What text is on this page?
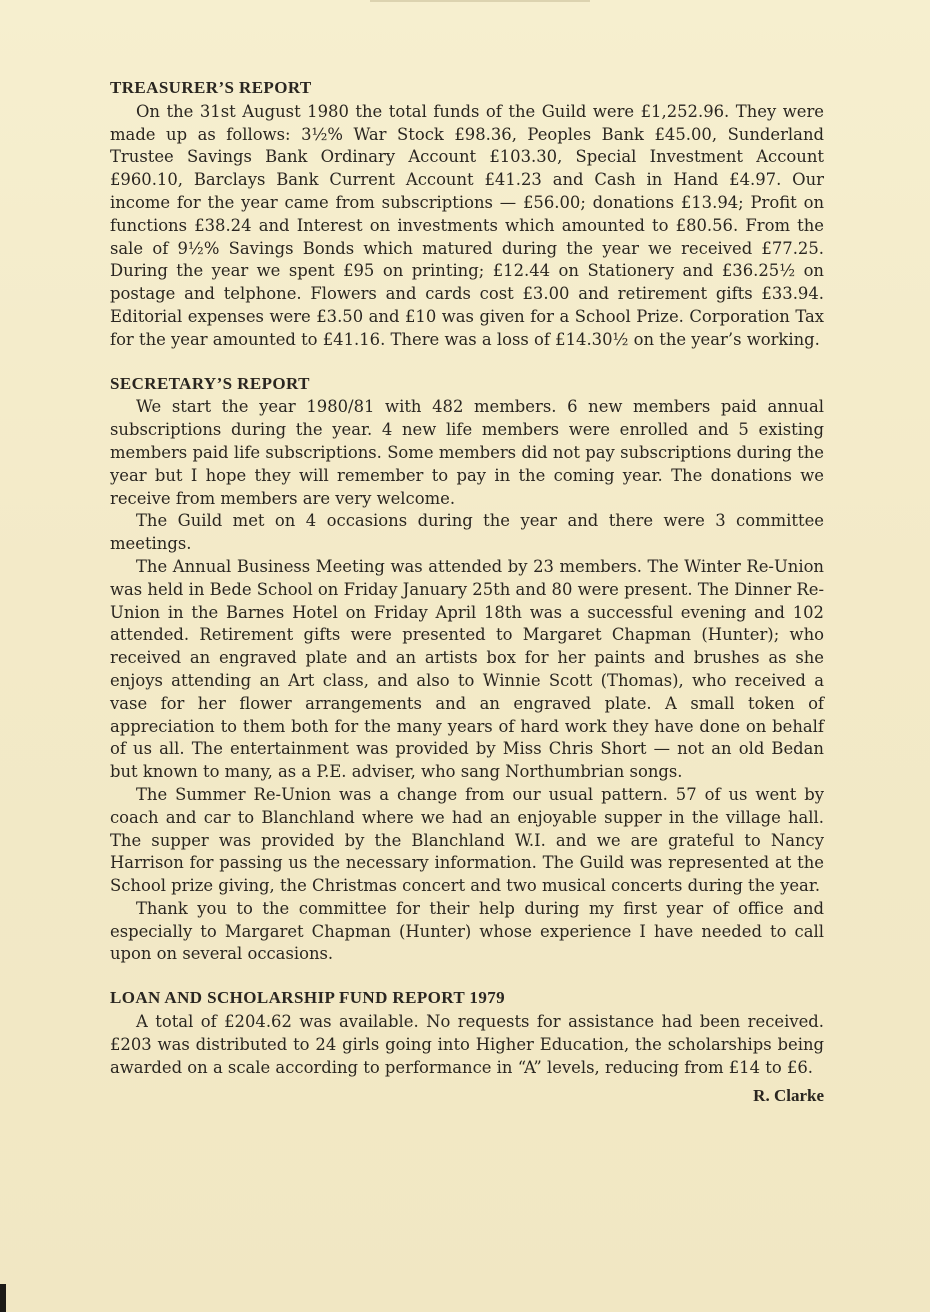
TREASURER’S REPORT

On the 31st August 1980 the total funds of the Guild were £1,252.96. They were made up as follows: 3½% War Stock £98.36, Peoples Bank £45.00, Sunderland Trustee Savings Bank Ordinary Account £103.30, Special Investment Account £960.10, Barclays Bank Current Account £41.23 and Cash in Hand £4.97. Our income for the year came from subscriptions — £56.00; donations £13.94; Profit on functions £38.24 and Interest on investments which amounted to £80.56. From the sale of 9½% Savings Bonds which matured during the year we received £77.25. During the year we spent £95 on printing; £12.44 on Stationery and £36.25½ on postage and telphone. Flowers and cards cost £3.00 and retirement gifts £33.94. Editorial expenses were £3.50 and £10 was given for a School Prize. Corporation Tax for the year amounted to £41.16. There was a loss of £14.30½ on the year’s working.

SECRETARY’S REPORT

We start the year 1980/81 with 482 members. 6 new members paid annual subscriptions during the year. 4 new life members were enrolled and 5 existing members paid life subscriptions. Some members did not pay subscriptions during the year but I hope they will remember to pay in the coming year. The donations we receive from members are very welcome.

The Guild met on 4 occasions during the year and there were 3 committee meetings.

The Annual Business Meeting was attended by 23 members. The Winter Re-Union was held in Bede School on Friday January 25th and 80 were present. The Dinner Re-Union in the Barnes Hotel on Friday April 18th was a successful evening and 102 attended. Retirement gifts were presented to Margaret Chapman (Hunter); who received an engraved plate and an artists box for her paints and brushes as she enjoys attending an Art class, and also to Winnie Scott (Thomas), who received a vase for her flower arrangements and an engraved plate. A small token of appreciation to them both for the many years of hard work they have done on behalf of us all. The entertainment was provided by Miss Chris Short — not an old Bedan but known to many, as a P.E. adviser, who sang Northumbrian songs.

The Summer Re-Union was a change from our usual pattern. 57 of us went by coach and car to Blanchland where we had an enjoyable supper in the village hall. The supper was provided by the Blanchland W.I. and we are grateful to Nancy Harrison for passing us the necessary information. The Guild was represented at the School prize giving, the Christmas concert and two musical concerts during the year.

Thank you to the committee for their help during my first year of office and especially to Margaret Chapman (Hunter) whose experience I have needed to call upon on several occasions.

LOAN AND SCHOLARSHIP FUND REPORT 1979

A total of £204.62 was available. No requests for assistance had been received. £203 was distributed to 24 girls going into Higher Education, the scholarships being awarded on a scale according to performance in “A” levels, reducing from £14 to £6.

R. Clarke
